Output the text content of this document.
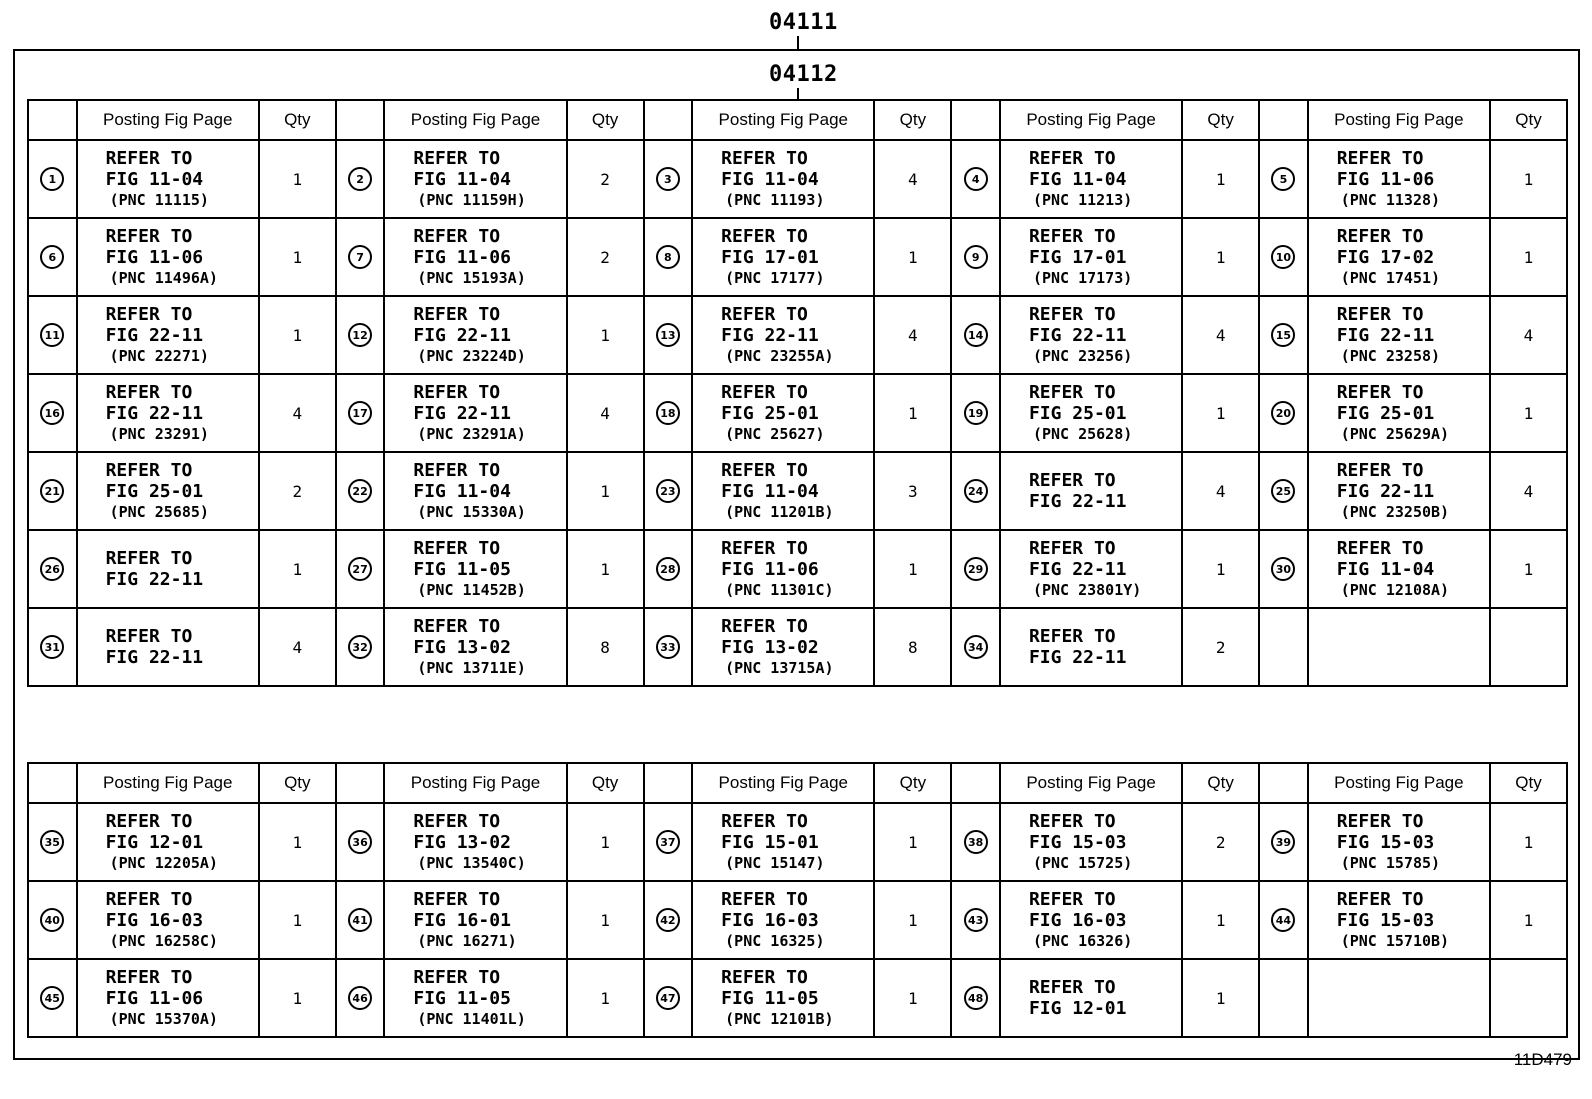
04111
04112
	Posting Fig Page	Qty		Posting Fig Page	Qty		Posting Fig Page	Qty		Posting Fig Page	Qty		Posting Fig Page	Qty
1	REFER TO
FIG 11-04
(PNC 11115)	1	2	REFER TO
FIG 11-04
(PNC 11159H)	2	3	REFER TO
FIG 11-04
(PNC 11193)	4	4	REFER TO
FIG 11-04
(PNC 11213)	1	5	REFER TO
FIG 11-06
(PNC 11328)	1
6	REFER TO
FIG 11-06
(PNC 11496A)	1	7	REFER TO
FIG 11-06
(PNC 15193A)	2	8	REFER TO
FIG 17-01
(PNC 17177)	1	9	REFER TO
FIG 17-01
(PNC 17173)	1	10	REFER TO
FIG 17-02
(PNC 17451)	1
11	REFER TO
FIG 22-11
(PNC 22271)	1	12	REFER TO
FIG 22-11
(PNC 23224D)	1	13	REFER TO
FIG 22-11
(PNC 23255A)	4	14	REFER TO
FIG 22-11
(PNC 23256)	4	15	REFER TO
FIG 22-11
(PNC 23258)	4
16	REFER TO
FIG 22-11
(PNC 23291)	4	17	REFER TO
FIG 22-11
(PNC 23291A)	4	18	REFER TO
FIG 25-01
(PNC 25627)	1	19	REFER TO
FIG 25-01
(PNC 25628)	1	20	REFER TO
FIG 25-01
(PNC 25629A)	1
21	REFER TO
FIG 25-01
(PNC 25685)	2	22	REFER TO
FIG 11-04
(PNC 15330A)	1	23	REFER TO
FIG 11-04
(PNC 11201B)	3	24	REFER TO
FIG 22-11	4	25	REFER TO
FIG 22-11
(PNC 23250B)	4
26	REFER TO
FIG 22-11	1	27	REFER TO
FIG 11-05
(PNC 11452B)	1	28	REFER TO
FIG 11-06
(PNC 11301C)	1	29	REFER TO
FIG 22-11
(PNC 23801Y)	1	30	REFER TO
FIG 11-04
(PNC 12108A)	1
31	REFER TO
FIG 22-11	4	32	REFER TO
FIG 13-02
(PNC 13711E)	8	33	REFER TO
FIG 13-02
(PNC 13715A)	8	34	REFER TO
FIG 22-11	2			
	Posting Fig Page	Qty		Posting Fig Page	Qty		Posting Fig Page	Qty		Posting Fig Page	Qty		Posting Fig Page	Qty
35	REFER TO
FIG 12-01
(PNC 12205A)	1	36	REFER TO
FIG 13-02
(PNC 13540C)	1	37	REFER TO
FIG 15-01
(PNC 15147)	1	38	REFER TO
FIG 15-03
(PNC 15725)	2	39	REFER TO
FIG 15-03
(PNC 15785)	1
40	REFER TO
FIG 16-03
(PNC 16258C)	1	41	REFER TO
FIG 16-01
(PNC 16271)	1	42	REFER TO
FIG 16-03
(PNC 16325)	1	43	REFER TO
FIG 16-03
(PNC 16326)	1	44	REFER TO
FIG 15-03
(PNC 15710B)	1
45	REFER TO
FIG 11-06
(PNC 15370A)	1	46	REFER TO
FIG 11-05
(PNC 11401L)	1	47	REFER TO
FIG 11-05
(PNC 12101B)	1	48	REFER TO
FIG 12-01	1			
11D479
